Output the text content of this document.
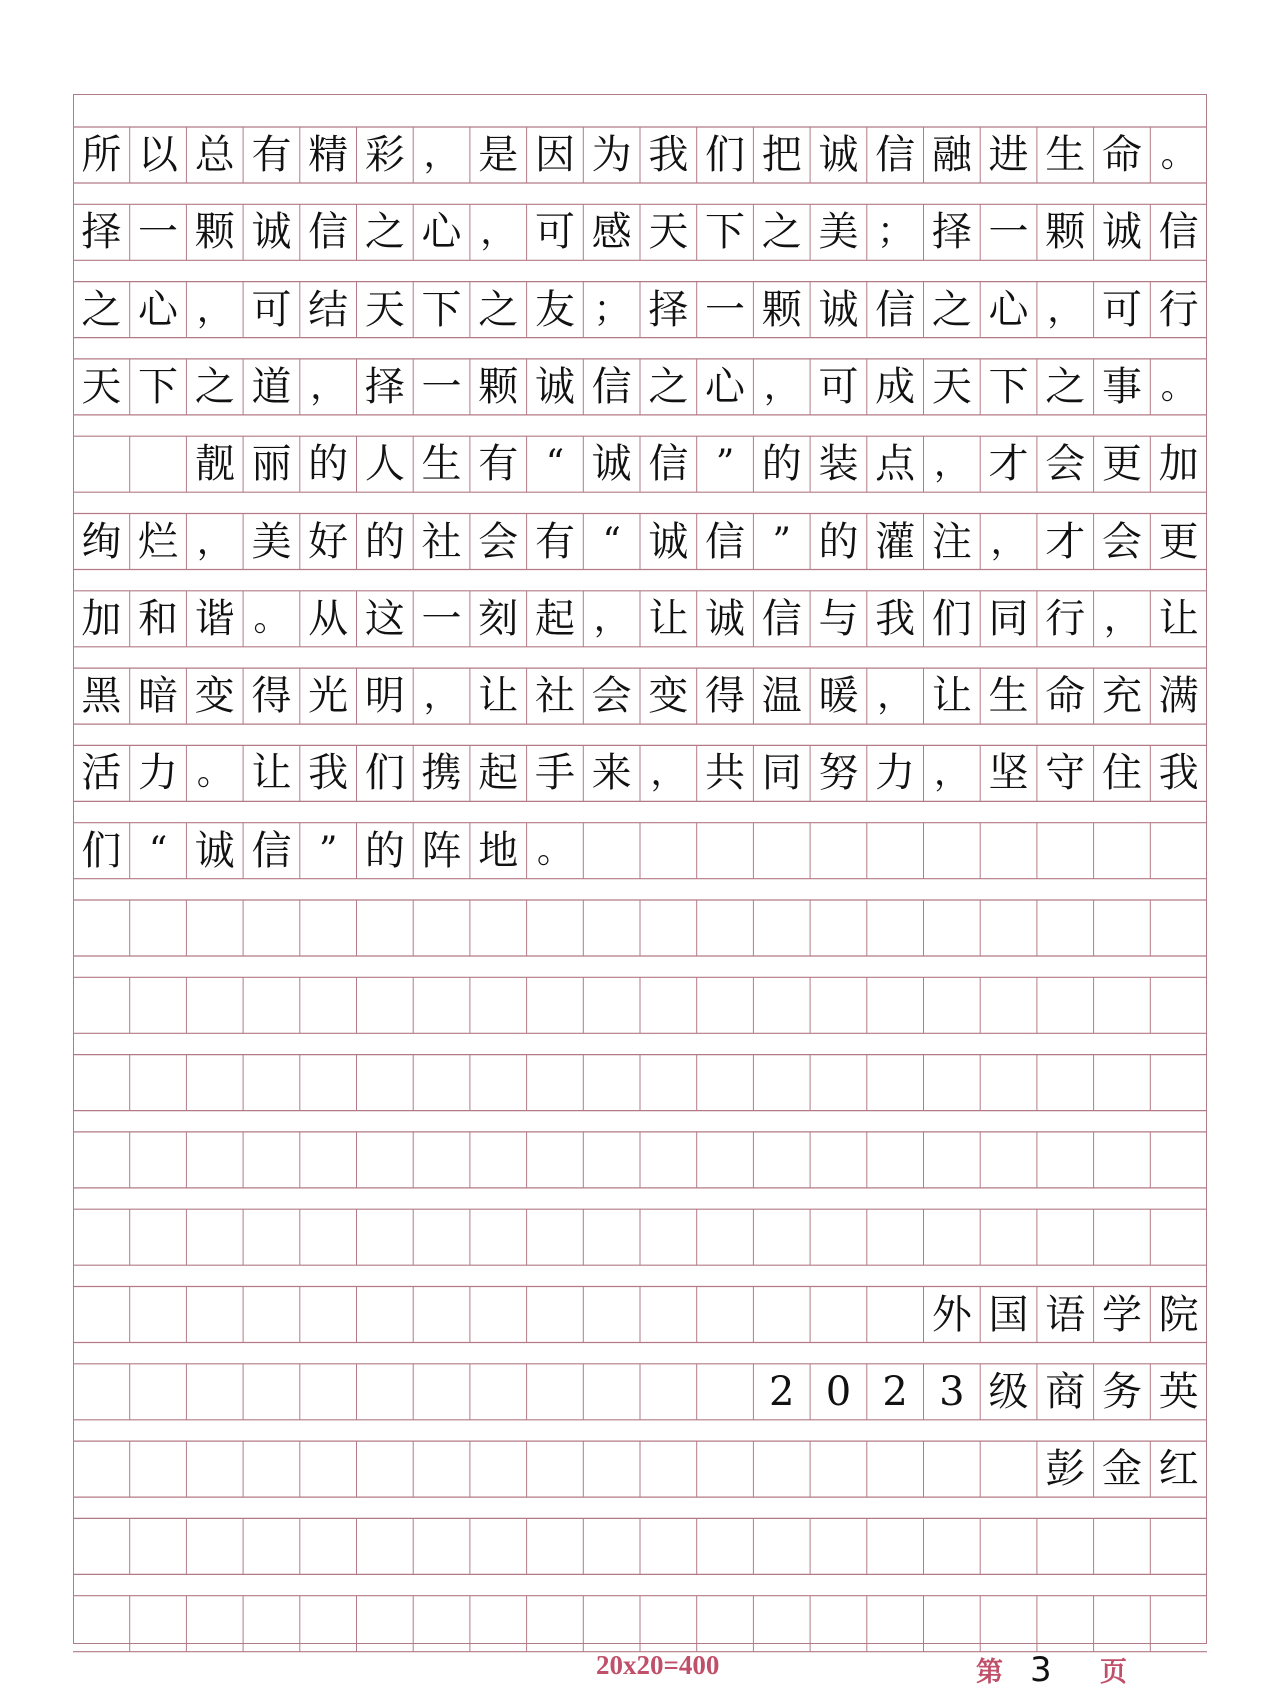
所 以 总 有 精 彩 ， 是 因 为 我 们 把 诚 信 融 进 生 命 。
择 一 颗 诚 信 之 心 ， 可 感 天 下 之 美 ； 择 一 颗 诚 信
之 心 ， 可 结 天 下 之 友 ； 择 一 颗 诚 信 之 心 ， 可 行
天 下 之 道 ， 择 一 颗 诚 信 之 心 ， 可 成 天 下 之 事 。
靓 丽 的 人 生 有 “ 诚 信 ” 的 装 点 ， 才 会 更 加
绚 烂 ， 美 好 的 社 会 有 “ 诚 信 ” 的 灌 注 ， 才 会 更
加 和 谐 。 从 这 一 刻 起 ， 让 诚 信 与 我 们 同 行 ， 让
黑 暗 变 得 光 明 ， 让 社 会 变 得 温 暖 ， 让 生 命 充 满
活 力 。 让 我 们 携 起 手 来 ， 共 同 努 力 ， 坚 守 住 我
们 “ 诚 信 ” 的 阵 地 。
外 国 语 学 院
2 0 2 3 级 商 务 英
彭 金 红
20x20=400	第 3 页
